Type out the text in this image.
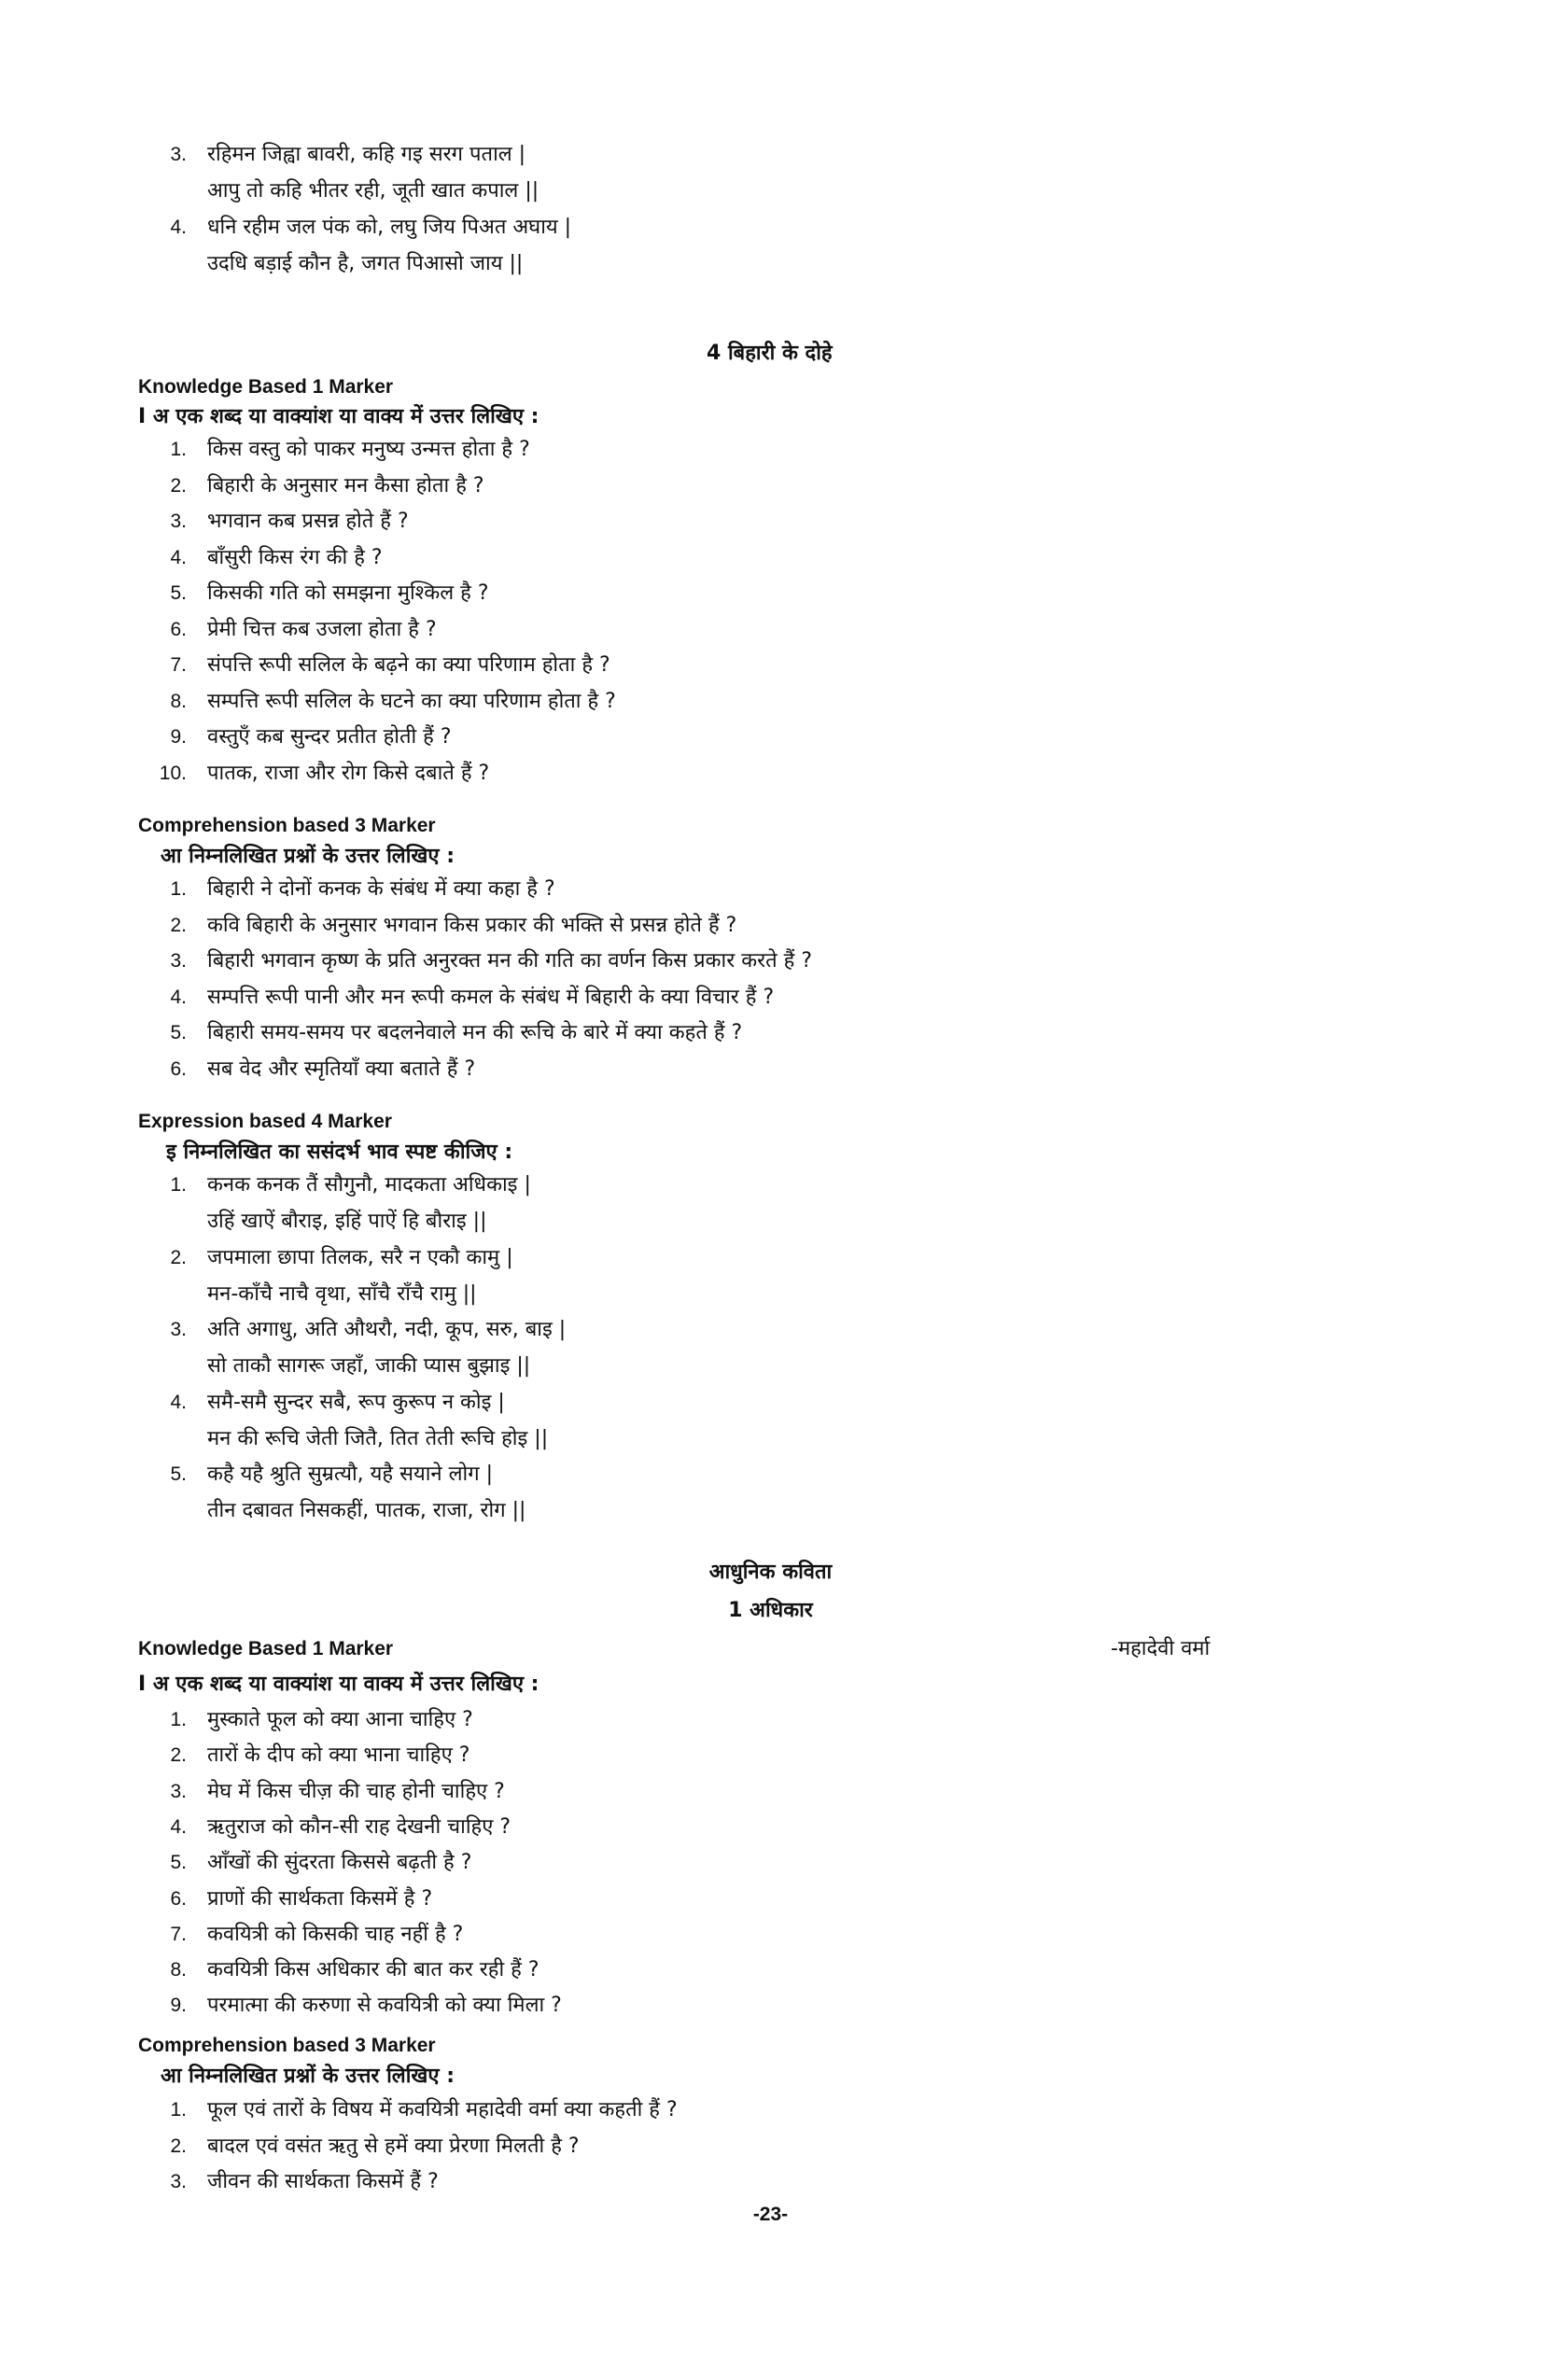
3. रहिमन जिह्वा बावरी, कहि गइ सरग पताल |
आपु तो कहि भीतर रही, जूती खात कपाल ||
4. धनि रहीम जल पंक को, लघु जिय पिअत अघाय |
उदधि बड़ाई कौन है, जगत पिआसो जाय ||
4 बिहारी के दोहे
Knowledge Based 1 Marker
I अ एक शब्द या वाक्यांश या वाक्य में उत्तर लिखिए :
1. किस वस्तु को पाकर मनुष्य उन्मत्त होता है ?
2. बिहारी के अनुसार मन कैसा होता है ?
3. भगवान कब प्रसन्न होते हैं ?
4. बाँसुरी किस रंग की है ?
5. किसकी गति को समझना मुश्किल है ?
6. प्रेमी चित्त कब उजला होता है ?
7. संपत्ति रूपी सलिल के बढ़ने का क्या परिणाम होता है ?
8. सम्पत्ति रूपी सलिल के घटने का क्या परिणाम होता है ?
9. वस्तुएँ कब सुन्दर प्रतीत होती हैं ?
10. पातक, राजा और रोग किसे दबाते हैं ?
Comprehension based 3 Marker
आ निम्नलिखित प्रश्नों के उत्तर लिखिए :
1. बिहारी ने दोनों कनक के संबंध में क्या कहा है ?
2. कवि बिहारी के अनुसार भगवान किस प्रकार की भक्ति से प्रसन्न होते हैं ?
3. बिहारी भगवान कृष्ण के प्रति अनुरक्त मन की गति का वर्णन किस प्रकार करते हैं ?
4. सम्पत्ति रूपी पानी और मन रूपी कमल के संबंध में बिहारी के क्या विचार हैं ?
5. बिहारी समय-समय पर बदलनेवाले मन की रूचि के बारे में क्या कहते हैं ?
6. सब वेद और स्मृतियाँ क्या बताते हैं ?
Expression based 4 Marker
इ निम्नलिखित का ससंदर्भ भाव स्पष्ट कीजिए :
1. कनक कनक तैं सौगुनौ, मादकता अधिकाइ |
उहिं खाऐं बौराइ, इहिं पाऐं हि बौराइ ||
2. जपमाला छापा तिलक, सरै न एकौ कामु |
मन-काँचै नाचै वृथा, साँचै राँचै रामु ||
3. अति अगाधु, अति औथरौ, नदी, कूप, सरु, बाइ |
सो ताकौ सागरू जहाँ, जाकी प्यास बुझाइ ||
4. समै-समै सुन्दर सबै, रूप कुरूप न कोइ |
मन की रूचि जेती जितै, तित तेती रूचि होइ ||
5. कहै यहै श्रुति सुम्रत्यौ, यहै सयाने लोग |
तीन दबावत निसकहीं, पातक, राजा, रोग ||
आधुनिक कविता
1 अधिकार
Knowledge Based 1 Marker	-महादेवी वर्मा
I अ एक शब्द या वाक्यांश या वाक्य में उत्तर लिखिए :
1. मुस्काते फूल को क्या आना चाहिए ?
2. तारों के दीप को क्या भाना चाहिए ?
3. मेघ में किस चीज़ की चाह होनी चाहिए ?
4. ऋतुराज को कौन-सी राह देखनी चाहिए ?
5. आँखों की सुंदरता किससे बढ़ती है ?
6. प्राणों की सार्थकता किसमें है ?
7. कवयित्री को किसकी चाह नहीं है ?
8. कवयित्री किस अधिकार की बात कर रही हैं ?
9. परमात्मा की करुणा से कवयित्री को क्या मिला ?
Comprehension based 3 Marker
आ निम्नलिखित प्रश्नों के उत्तर लिखिए :
1. फूल एवं तारों के विषय में कवयित्री महादेवी वर्मा क्या कहती हैं ?
2. बादल एवं वसंत ऋतु से हमें क्या प्रेरणा मिलती है ?
3. जीवन की सार्थकता किसमें हैं ?
-23-
